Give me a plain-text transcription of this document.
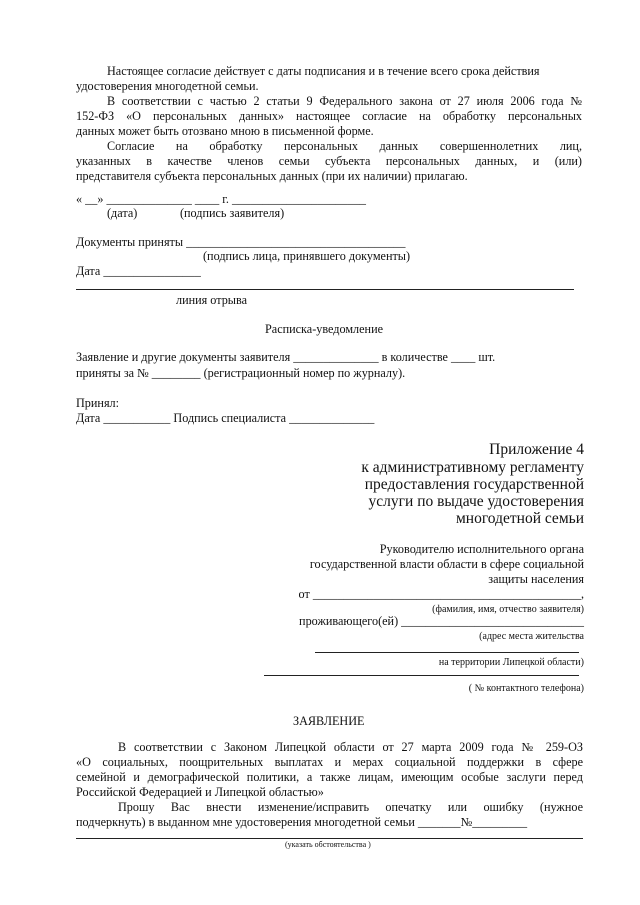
Настоящее согласие действует с даты подписания и в течение всего срока действия
удостоверения многодетной семьи.
В соответствии с частью 2 статьи 9 Федерального закона от 27 июля 2006 года №
152-ФЗ «О персональных данных» настоящее согласие на обработку персональных
данных может быть отозвано мною в письменной форме.
Согласие на обработку персональных данных совершеннолетних лиц,
указанных в качестве членов семьи субъекта персональных данных, и (или)
представителя субъекта персональных данных (при их наличии) прилагаю.
« __» ______________ ____ г. ______________________
(дата)              (подпись заявителя)
Документы приняты ____________________________________
(подпись лица, принявшего документы)
Дата ________________
линия отрыва
Расписка-уведомление
Заявление и другие документы заявителя ______________ в количестве ____ шт.
приняты за № ________ (регистрационный номер по журналу).
Принял:
Дата ___________ Подпись специалиста ______________
Приложение 4
к административному регламенту
предоставления государственной
услуги по выдаче удостоверения
многодетной семьи
Руководителю исполнительного органа
государственной власти области в сфере социальной
защиты населения
от ____________________________________________,
(фамилия, имя, отчество заявителя)
проживающего(ей) ______________________________
(адрес места жительства
на территории Липецкой области)
( № контактного телефона)
ЗАЯВЛЕНИЕ
В соответствии с Законом Липецкой области от 27 марта 2009 года № 259-ОЗ
«О социальных, поощрительных выплатах и мерах социальной поддержки в сфере
семейной и демографической политики, а также лицам, имеющим особые заслуги перед
Российской Федерацией и Липецкой областью»
Прошу Вас внести изменение/исправить опечатку или ошибку (нужное
подчеркнуть) в выданном мне удостоверения многодетной семьи _______№_________
(указать обстоятельства )
